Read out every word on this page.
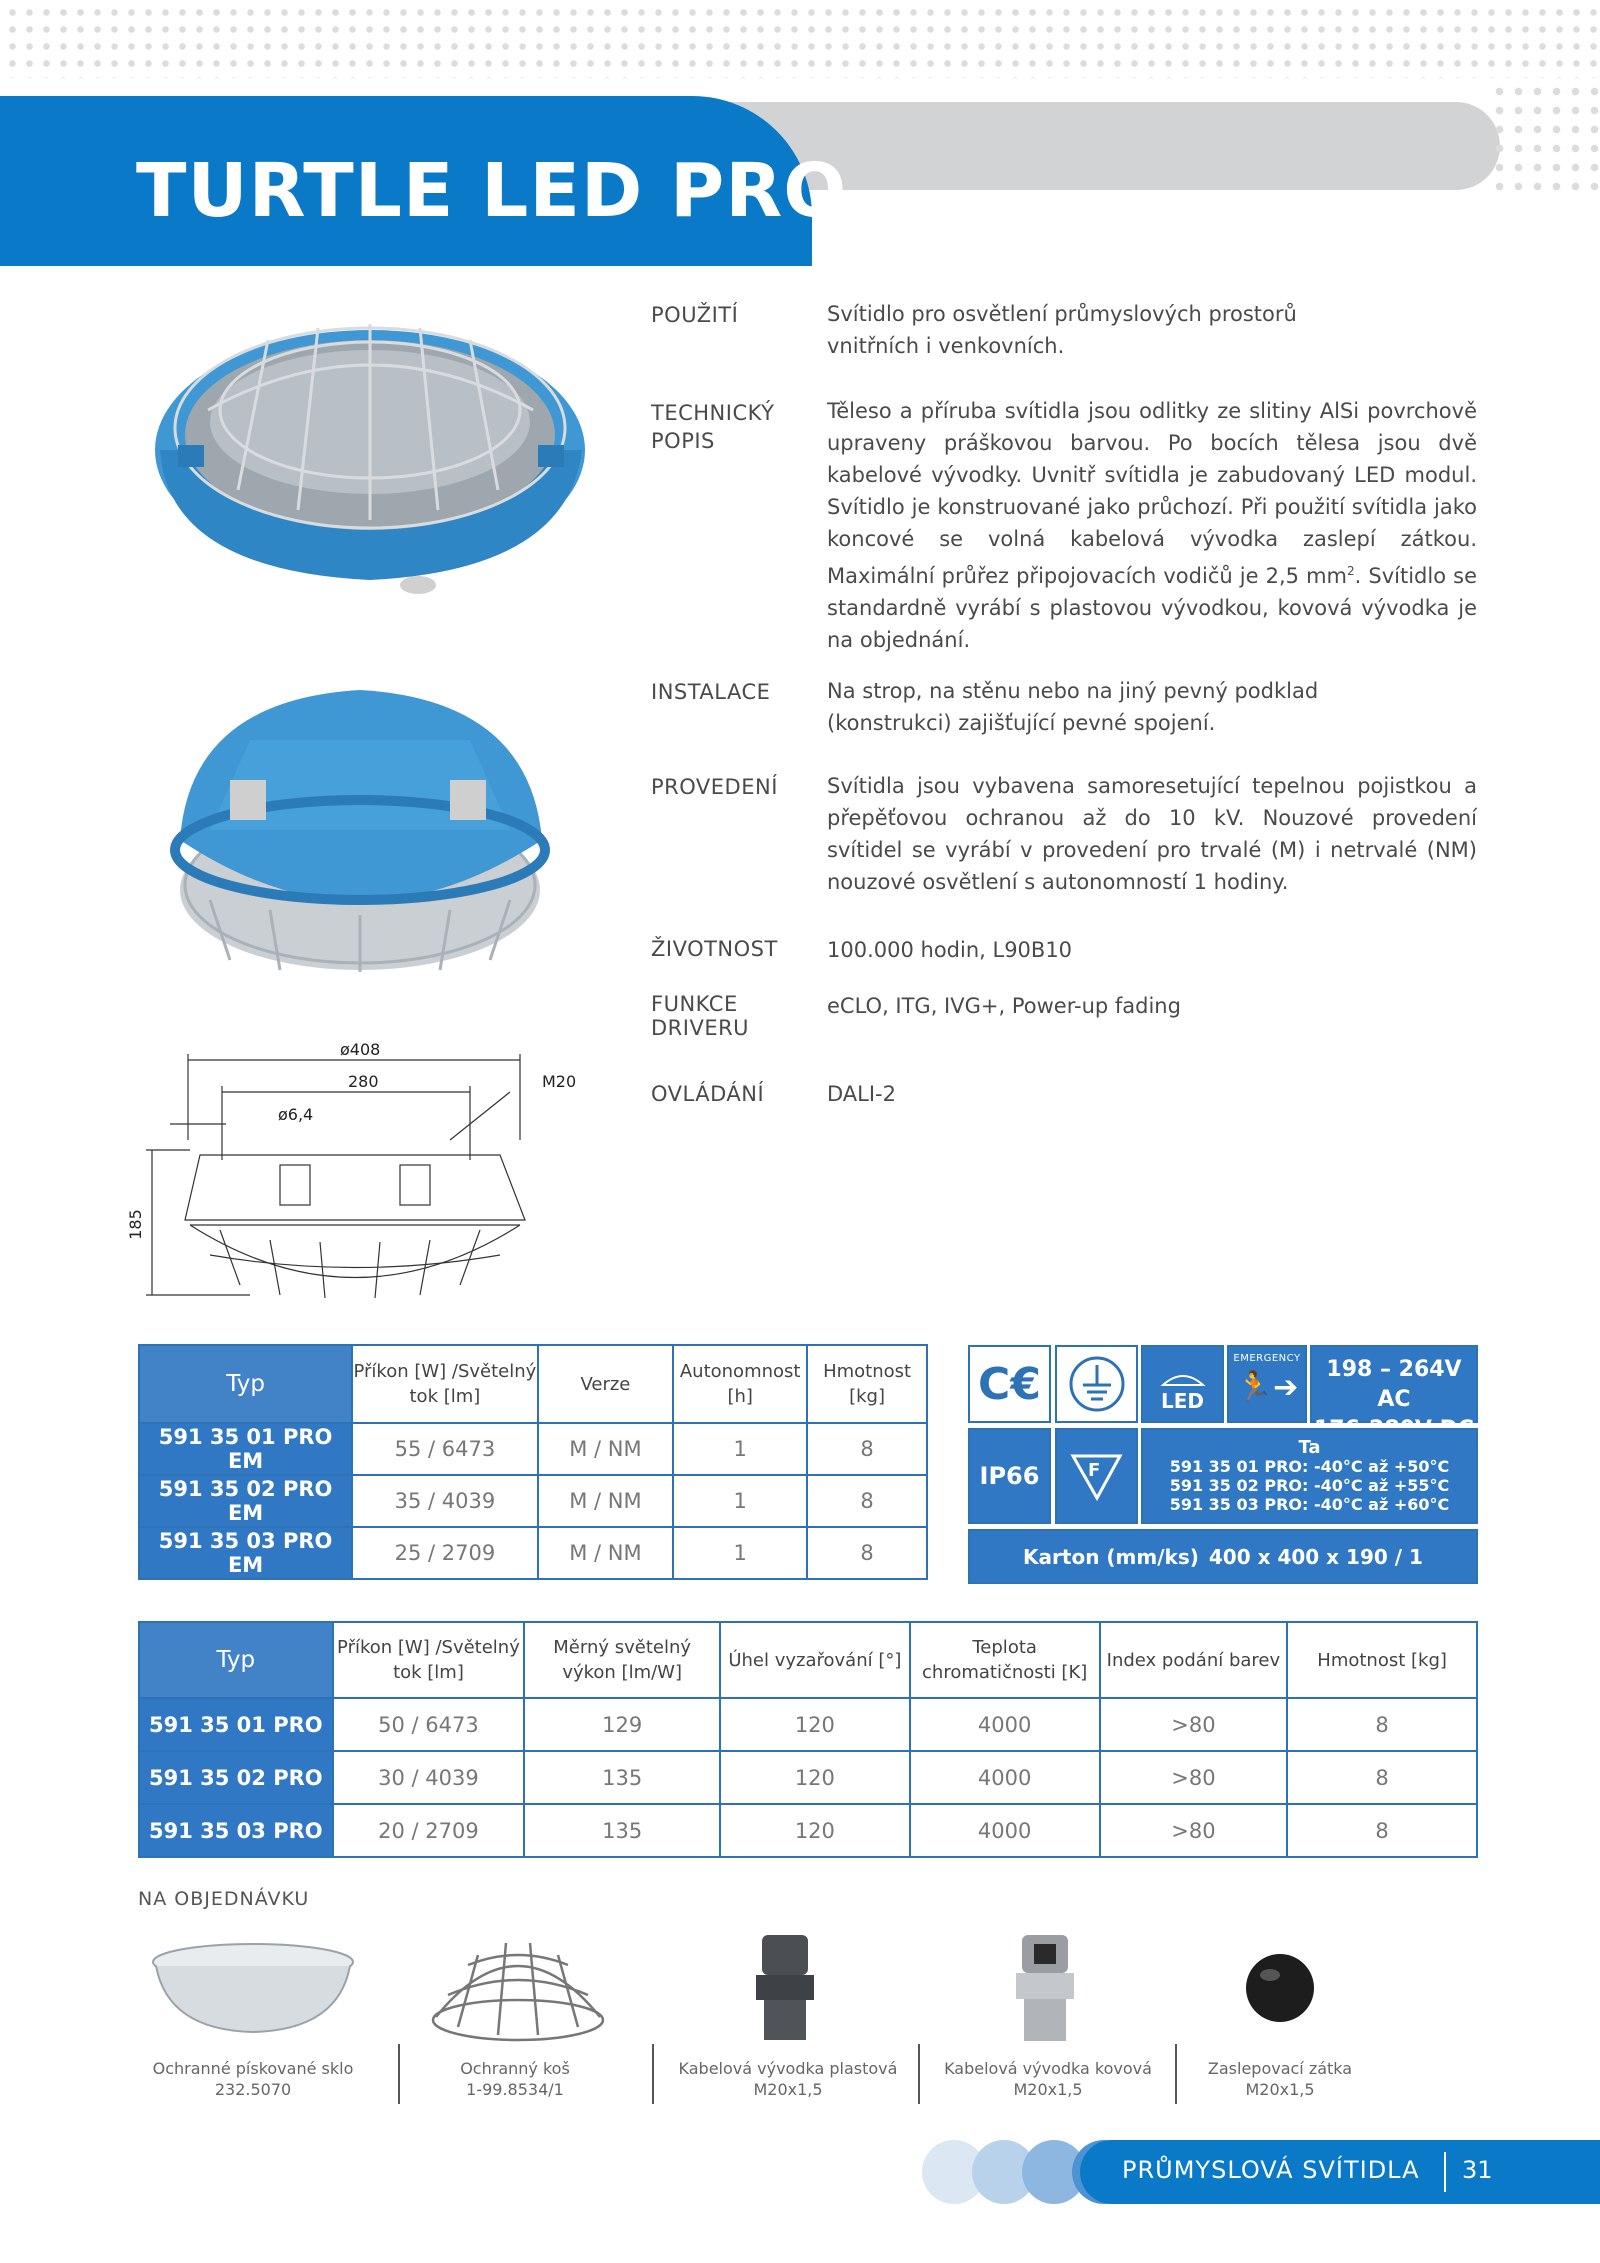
TURTLE LED PRO
ø408
280
ø6,4
M20
185
POUŽITÍ	Svítidlo pro osvětlení průmyslových prostorů vnitřních i venkovních.
TECHNICKÝ POPIS
Těleso a příruba svítidla jsou odlitky ze slitiny AlSi povrchově upraveny práškovou barvou. Po bocích tělesa jsou dvě kabelové vývodky. Uvnitř svítidla je zabudovaný LED modul. Svítidlo je konstruované jako průchozí. Při použití svítidla jako koncové se volná kabelová vývodka zaslepí zátkou. Maximální průřez připojovacích vodičů je 2,5 $mm^2$. Svítidlo se standardně vyrábí s plastovou vývodkou, kovová vývodka je na objednání.
INSTALACE	Na strop, na stěnu nebo na jiný pevný podklad (konstrukci) zajišťující pevné spojení.
PROVEDENÍ	Svítidla jsou vybavena samoresetující tepelnou pojistkou a přepěťovou ochranou až do 10 kV. Nouzové provedení svítidel se vyrábí v provedení pro trvalé (M) i netrvalé (NM) nouzové osvětlení s autonomností 1 hodiny.
ŽIVOTNOST	100.000 hodin, L90B10
FUNKCE DRIVERU
eCLO, ITG, IVG+, Power-up fading
OVLÁDÁNÍ	DALI-2
Typ	Příkon [W] /Světelný tok [lm]	Verze	Autonomnost [h]	Hmotnost [kg]
591 35 01 PRO EM	55 / 6473	M / NM	1	8
591 35 02 PRO EM	35 / 4039	M / NM	1	8
591 35 03 PRO EM	25 / 2709	M / NM	1	8
C€	LED
EMERGENCY
🏃➔
198 – 264V AC
IP66	F
Ta
591 35 01 PRO: -40°C až +50°C
591 35 02 PRO: -40°C až +55°C
591 35 03 PRO: -40°C až +60°C
Karton (mm/ks) 400 x 400 x 190 / 1
Typ	Příkon [W] /Světelný tok [lm]	Měrný světelný výkon [lm/W]	Úhel vyzařování [°]	Teplota chromatičnosti [K]	Index podání barev	Hmotnost [kg]
591 35 01 PRO	50 / 6473	129	120	4000	>80	8
591 35 02 PRO	30 / 4039	135	120	4000	>80	8
591 35 03 PRO	20 / 2709	135	120	4000	>80	8
NA OBJEDNÁVKU
Ochranné pískované sklo
232.5070
Ochranný koš
1-99.8534/1
Kabelová vývodka plastová
M20x1,5
Kabelová vývodka kovová
M20x1,5
Zaslepovací zátka
M20x1,5
PRŮMYSLOVÁ SVÍTIDLA 31
